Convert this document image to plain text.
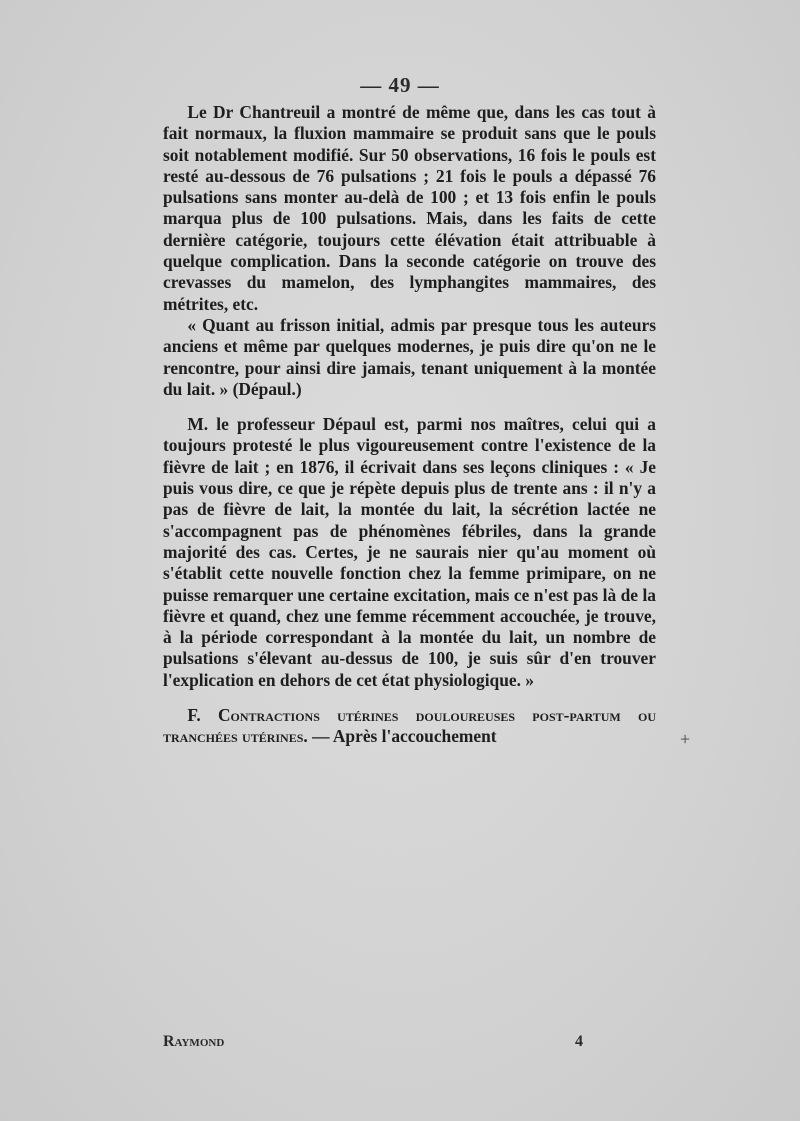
— 49 —

Le Dr Chantreuil a montré de même que, dans les cas tout à fait normaux, la fluxion mammaire se produit sans que le pouls soit notablement modifié. Sur 50 observations, 16 fois le pouls est resté au-dessous de 76 pulsations ; 21 fois le pouls a dépassé 76 pulsations sans monter au-delà de 100 ; et 13 fois enfin le pouls marqua plus de 100 pulsations. Mais, dans les faits de cette dernière catégorie, toujours cette élévation était attribuable à quelque complication. Dans la seconde catégorie on trouve des crevasses du mamelon, des lymphangites mammaires, des métrites, etc.

« Quant au frisson initial, admis par presque tous les auteurs anciens et même par quelques modernes, je puis dire qu'on ne le rencontre, pour ainsi dire jamais, tenant uniquement à la montée du lait. » (Dépaul.)

M. le professeur Dépaul est, parmi nos maîtres, celui qui a toujours protesté le plus vigoureusement contre l'existence de la fièvre de lait ; en 1876, il écrivait dans ses leçons cliniques : « Je puis vous dire, ce que je répète depuis plus de trente ans : il n'y a pas de fièvre de lait, la montée du lait, la sécrétion lactée ne s'accompagnent pas de phénomènes fébriles, dans la grande majorité des cas. Certes, je ne saurais nier qu'au moment où s'établit cette nouvelle fonction chez la femme primipare, on ne puisse remarquer une certaine excitation, mais ce n'est pas là de la fièvre et quand, chez une femme récemment accouchée, je trouve, à la période correspondant à la montée du lait, un nombre de pulsations s'élevant au-dessus de 100, je suis sûr d'en trouver l'explication en dehors de cet état physiologique. »

F. Contractions utérines douloureuses post-partum ou tranchées utérines. — Après l'accouchement

Raymond	4
+
